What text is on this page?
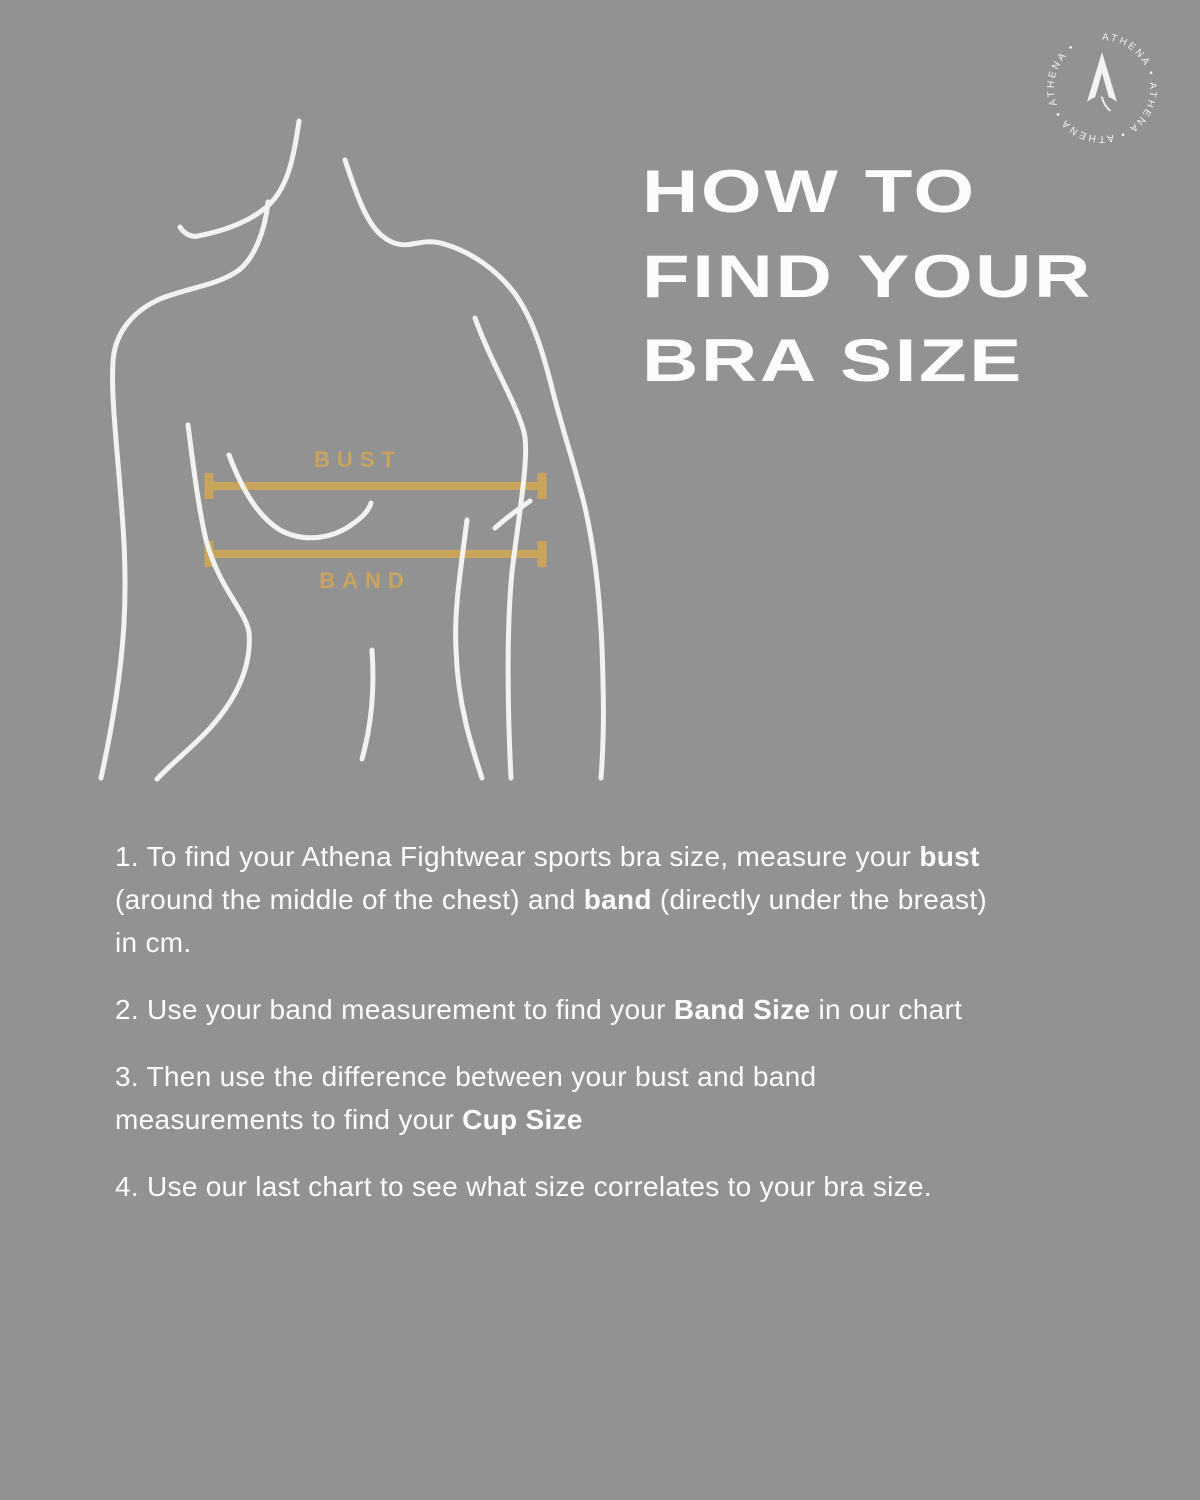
BUST
BAND
HOW TO
FIND YOUR
BRA SIZE
1. To find your Athena Fightwear sports bra size, measure your bust
(around the middle of the chest) and band (directly under the breast)
in cm.
2. Use your band measurement to find your Band Size in our chart
3. Then use the difference between your bust and band
measurements to find your Cup Size
4. Use our last chart to see what size correlates to your bra size.
ATHENA • ATHENA • ATHENA • ATHENA •
